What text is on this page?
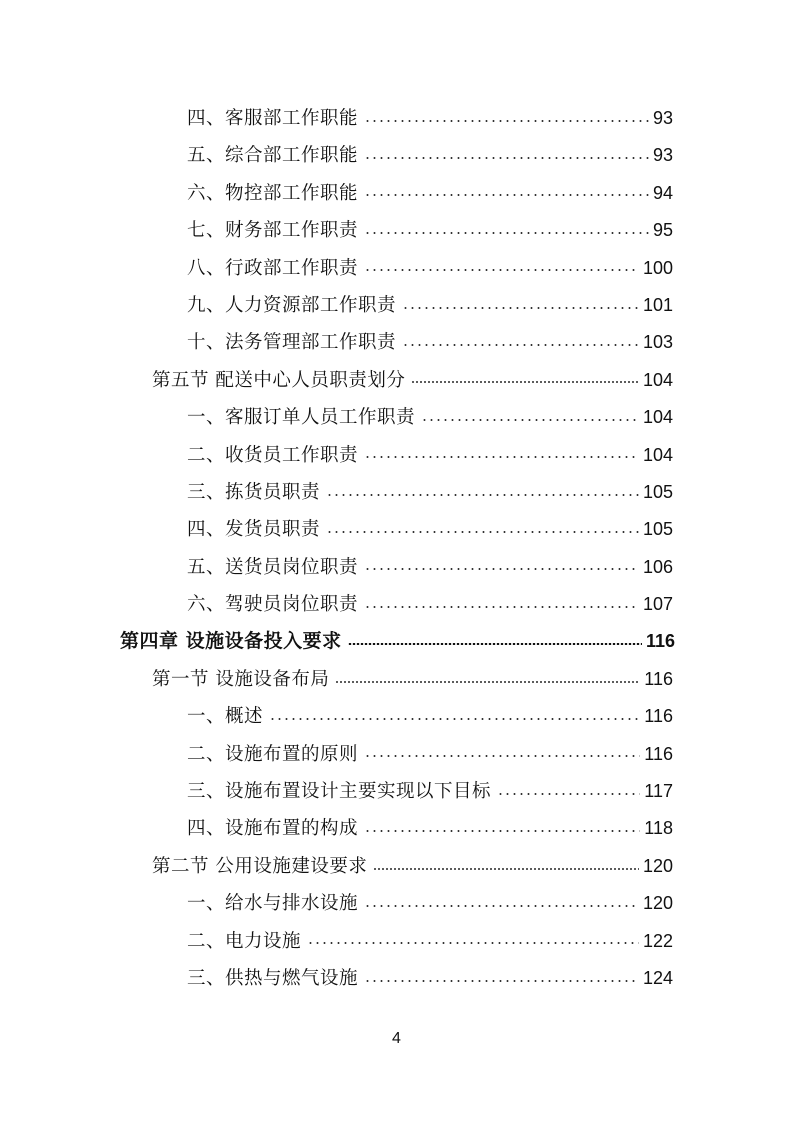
四、客服部工作职能	93
五、综合部工作职能	93
六、物控部工作职能	94
七、财务部工作职责	95
八、行政部工作职责	100
九、人力资源部工作职责	101
十、法务管理部工作职责	103
第五节 配送中心人员职责划分	104
一、客服订单人员工作职责	104
二、收货员工作职责	104
三、拣货员职责	105
四、发货员职责	105
五、送货员岗位职责	106
六、驾驶员岗位职责	107
第四章 设施设备投入要求	116
第一节 设施设备布局	116
一、概述	116
二、设施布置的原则	116
三、设施布置设计主要实现以下目标	117
四、设施布置的构成	118
第二节 公用设施建设要求	120
一、给水与排水设施	120
二、电力设施	122
三、供热与燃气设施	124
4
